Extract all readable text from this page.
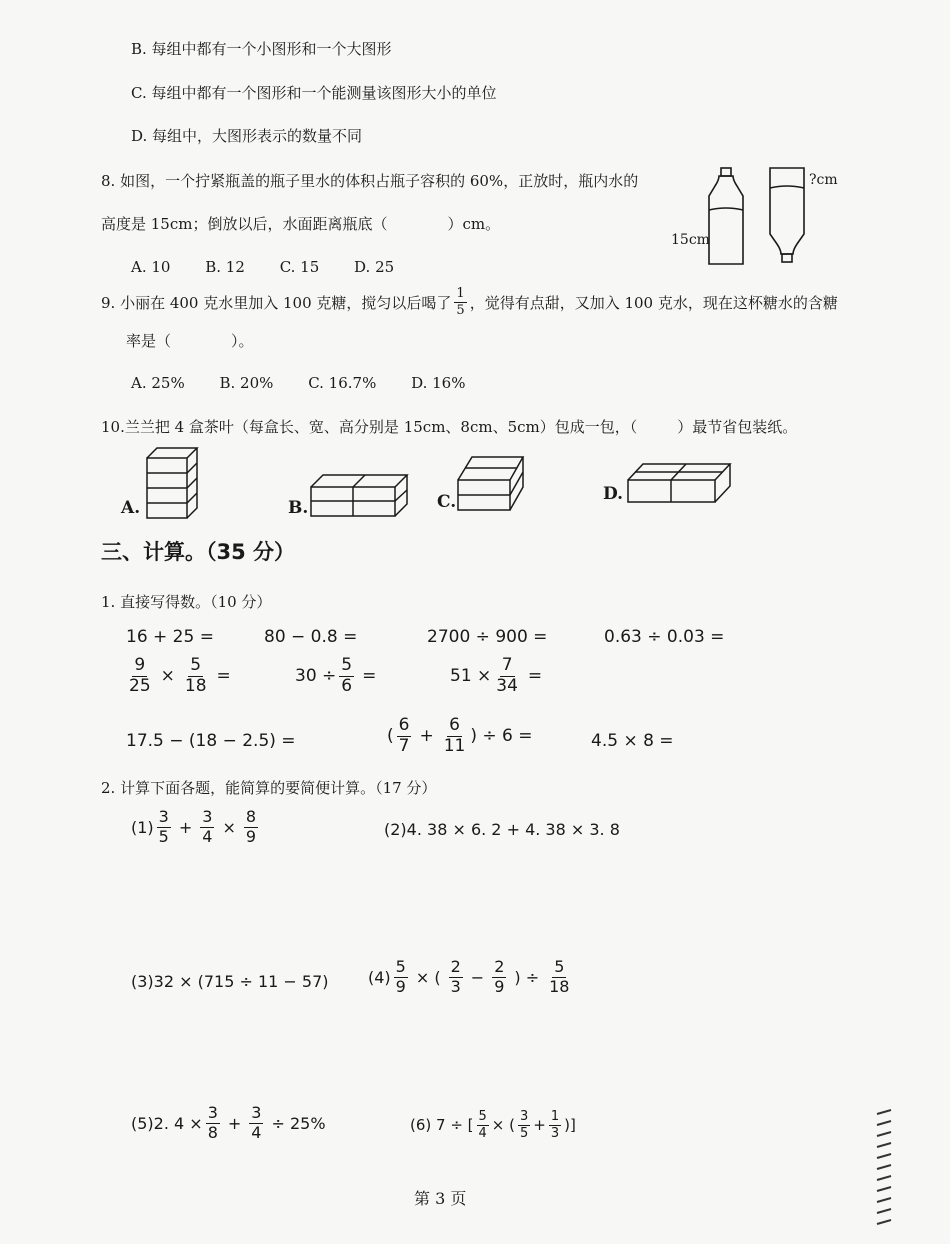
B. 每组中都有一个小图形和一个大图形
C. 每组中都有一个图形和一个能测量该图形大小的单位
D. 每组中，大图形表示的数量不同
8. 如图，一个拧紧瓶盖的瓶子里水的体积占瓶子容积的 60%，正放时，瓶内水的
高度是 15cm；倒放以后，水面距离瓶底（	）cm。
A. 10 B. 12 C. 15 D. 25
15cm
?cm
9. 小丽在 400 克水里加入 100 克糖，搅匀以后喝了 $\frac{1}{5}$ ，觉得有点甜，又加入 100 克水，现在这杯糖水的含糖
率是（	）。
A. 25% B. 20% C. 16.7% D. 16%
10.兰兰把 4 盒茶叶（每盒长、宽、高分别是 15cm、8cm、5cm）包成一包，（	）最节省包装纸。
A.	B.	C.	D.
三、计算。（35 分）
1. 直接写得数。（10 分）
16 + 25 =	80 − 0.8 =	2700 ÷ 900 =	0.63 ÷ 0.03 =
$\frac{9}{25} \times \frac{5}{18}$ =	$30 \div \frac{5}{6}$ =	$51 \times \frac{7}{34}$ =
17.5 − (18 − 2.5) =	( $\frac{6}{7} + \frac{6}{11}$ ) ÷ 6 =	4.5 × 8 =
2. 计算下面各题，能简算的要简便计算。（17 分）
$(1) \frac{3}{5} + \frac{3}{4} \times \frac{8}{9}$	(2)4. 38 × 6. 2 + 4. 38 × 3. 8
(3)32 × (715 ÷ 11 − 57) $(4) \frac{5}{9}$ × ( $\frac{2}{3} - \frac{2}{9}$ ) ÷ $\frac{5}{18}$
(5)2. $4 \times \frac{3}{8} + \frac{3}{4} \div 25\%$	(6) 7 ÷ [ $\frac{5}{4}$ × ( $\frac{3}{5} + \frac{1}{3}$ )]
第 3 页
